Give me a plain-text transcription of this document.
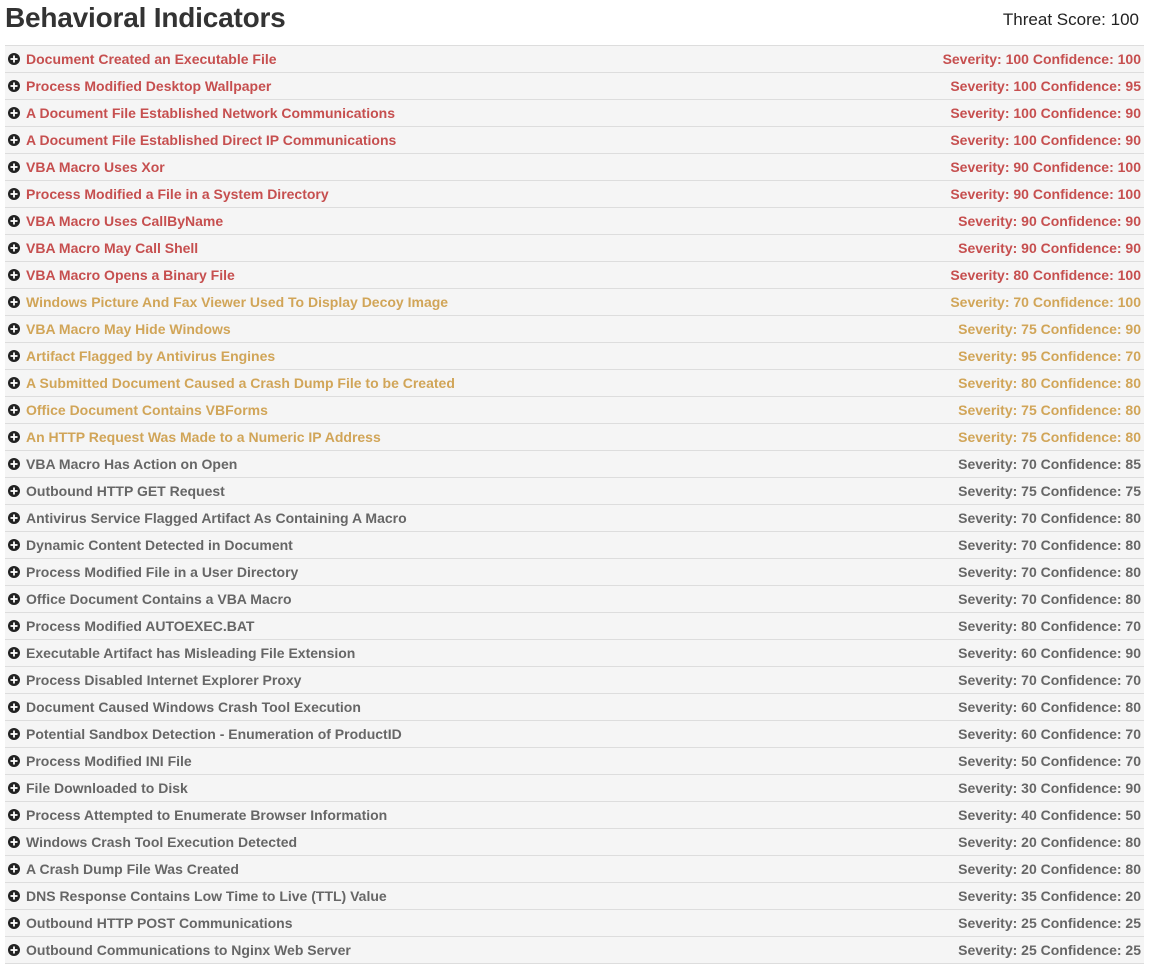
Behavioral Indicators	Threat Score: 100
Document Created an Executable File	Severity: 100 Confidence: 100
Process Modified Desktop Wallpaper	Severity: 100 Confidence: 95
A Document File Established Network Communications	Severity: 100 Confidence: 90
A Document File Established Direct IP Communications	Severity: 100 Confidence: 90
VBA Macro Uses Xor	Severity: 90 Confidence: 100
Process Modified a File in a System Directory	Severity: 90 Confidence: 100
VBA Macro Uses CallByName	Severity: 90 Confidence: 90
VBA Macro May Call Shell	Severity: 90 Confidence: 90
VBA Macro Opens a Binary File	Severity: 80 Confidence: 100
Windows Picture And Fax Viewer Used To Display Decoy Image	Severity: 70 Confidence: 100
VBA Macro May Hide Windows	Severity: 75 Confidence: 90
Artifact Flagged by Antivirus Engines	Severity: 95 Confidence: 70
A Submitted Document Caused a Crash Dump File to be Created	Severity: 80 Confidence: 80
Office Document Contains VBForms	Severity: 75 Confidence: 80
An HTTP Request Was Made to a Numeric IP Address	Severity: 75 Confidence: 80
VBA Macro Has Action on Open	Severity: 70 Confidence: 85
Outbound HTTP GET Request	Severity: 75 Confidence: 75
Antivirus Service Flagged Artifact As Containing A Macro	Severity: 70 Confidence: 80
Dynamic Content Detected in Document	Severity: 70 Confidence: 80
Process Modified File in a User Directory	Severity: 70 Confidence: 80
Office Document Contains a VBA Macro	Severity: 70 Confidence: 80
Process Modified AUTOEXEC.BAT	Severity: 80 Confidence: 70
Executable Artifact has Misleading File Extension	Severity: 60 Confidence: 90
Process Disabled Internet Explorer Proxy	Severity: 70 Confidence: 70
Document Caused Windows Crash Tool Execution	Severity: 60 Confidence: 80
Potential Sandbox Detection - Enumeration of ProductID	Severity: 60 Confidence: 70
Process Modified INI File	Severity: 50 Confidence: 70
File Downloaded to Disk	Severity: 30 Confidence: 90
Process Attempted to Enumerate Browser Information	Severity: 40 Confidence: 50
Windows Crash Tool Execution Detected	Severity: 20 Confidence: 80
A Crash Dump File Was Created	Severity: 20 Confidence: 80
DNS Response Contains Low Time to Live (TTL) Value	Severity: 35 Confidence: 20
Outbound HTTP POST Communications	Severity: 25 Confidence: 25
Outbound Communications to Nginx Web Server	Severity: 25 Confidence: 25
